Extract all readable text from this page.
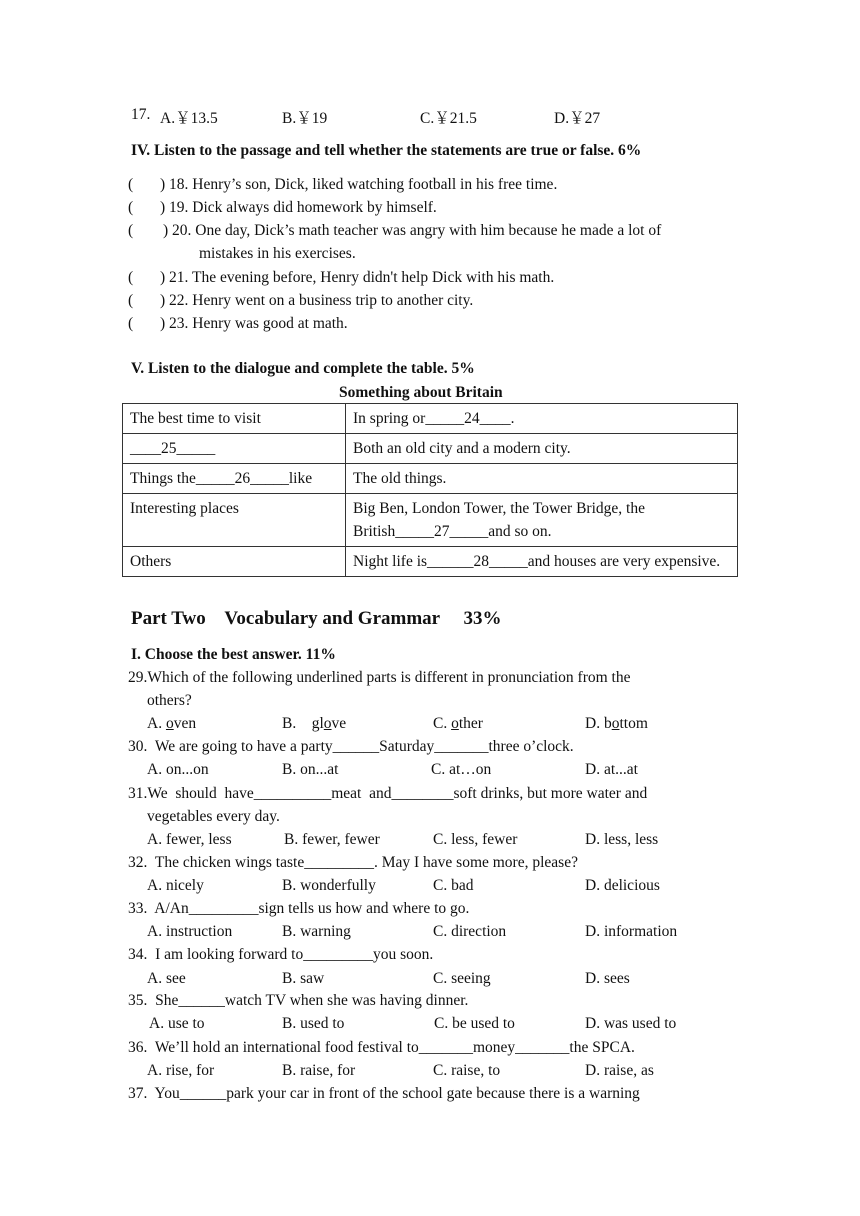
17. A.￥13.5	B.￥19	C.￥21.5	D.￥27
IV. Listen to the passage and tell whether the statements are true or false. 6%
( ) 18. Henry’s son, Dick, liked watching football in his free time.
( ) 19. Dick always did homework by himself.
( ) 20. One day, Dick’s math teacher was angry with him because he made a lot of
mistakes in his exercises.
( ) 21. The evening before, Henry didn't help Dick with his math.
( ) 22. Henry went on a business trip to another city.
( ) 23. Henry was good at math.
V. Listen to the dialogue and complete the table. 5%
Something about Britain
The best time to visit	In spring or_____24____.
____25_____	Both an old city and a modern city.
Things the_____26_____like	The old things.
Interesting places	Big Ben, London Tower, the Tower Bridge, the British_____27_____and so on.
Others	Night life is______28_____and houses are very expensive.
Part Two    Vocabulary and Grammar     33%
I. Choose the best answer. 11%
29.Which of the following underlined parts is different in pronunciation from the
others?
A. oven	B.    glove	C. other	D. bottom
30.  We are going to have a party______Saturday_______three o’clock.
A. on...on	B. on...at	C. at…on	D. at...at
31.We  should  have__________meat  and________soft drinks, but more water and
vegetables every day.
A. fewer, less	B. fewer, fewer	C. less, fewer	D. less, less
32.  The chicken wings taste_________. May I have some more, please?
A. nicely	B. wonderfully	C. bad	D. delicious
33.  A/An_________sign tells us how and where to go.
A. instruction	B. warning	C. direction	D. information
34.  I am looking forward to_________you soon.
A. see	B. saw	C. seeing	D. sees
35.  She______watch TV when she was having dinner.
A. use to	B. used to	C. be used to	D. was used to
36.  We’ll hold an international food festival to_______money_______the SPCA.
A. rise, for	B. raise, for	C. raise, to	D. raise, as
37.  You______park your car in front of the school gate because there is a warning
